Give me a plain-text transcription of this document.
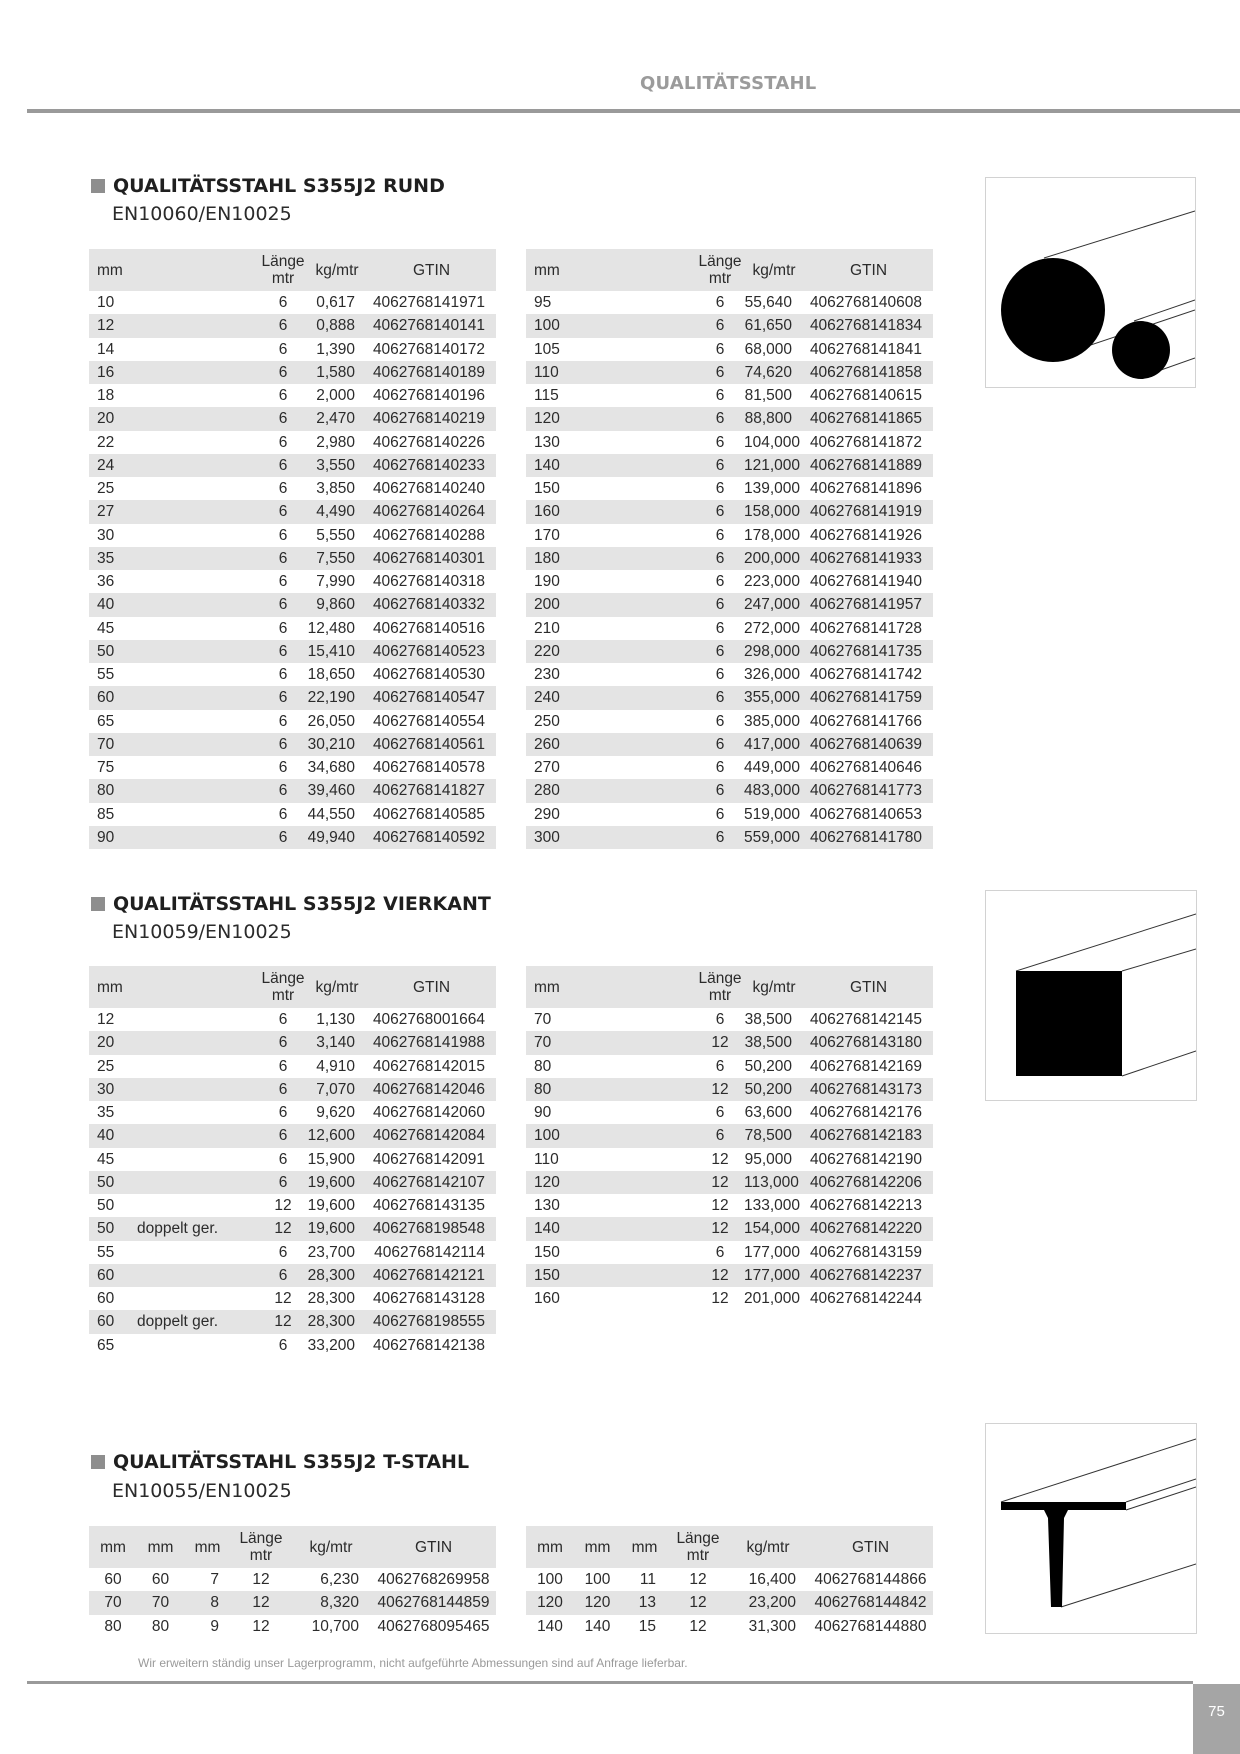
QUALITÄTSSTAHL
QUALITÄTSSTAHL S355J2 RUND
EN10060/EN10025
mm		Länge
mtr	kg/mtr	GTIN
10		6	0,617	4062768141971
12		6	0,888	4062768140141
14		6	1,390	4062768140172
16		6	1,580	4062768140189
18		6	2,000	4062768140196
20		6	2,470	4062768140219
22		6	2,980	4062768140226
24		6	3,550	4062768140233
25		6	3,850	4062768140240
27		6	4,490	4062768140264
30		6	5,550	4062768140288
35		6	7,550	4062768140301
36		6	7,990	4062768140318
40		6	9,860	4062768140332
45		6	12,480	4062768140516
50		6	15,410	4062768140523
55		6	18,650	4062768140530
60		6	22,190	4062768140547
65		6	26,050	4062768140554
70		6	30,210	4062768140561
75		6	34,680	4062768140578
80		6	39,460	4062768141827
85		6	44,550	4062768140585
90		6	49,940	4062768140592
mm		Länge
mtr	kg/mtr	GTIN
95		6	55,640	4062768140608
100		6	61,650	4062768141834
105		6	68,000	4062768141841
110		6	74,620	4062768141858
115		6	81,500	4062768140615
120		6	88,800	4062768141865
130		6	104,000	4062768141872
140		6	121,000	4062768141889
150		6	139,000	4062768141896
160		6	158,000	4062768141919
170		6	178,000	4062768141926
180		6	200,000	4062768141933
190		6	223,000	4062768141940
200		6	247,000	4062768141957
210		6	272,000	4062768141728
220		6	298,000	4062768141735
230		6	326,000	4062768141742
240		6	355,000	4062768141759
250		6	385,000	4062768141766
260		6	417,000	4062768140639
270		6	449,000	4062768140646
280		6	483,000	4062768141773
290		6	519,000	4062768140653
300		6	559,000	4062768141780
QUALITÄTSSTAHL S355J2 VIERKANT
EN10059/EN10025
mm		Länge
mtr	kg/mtr	GTIN
12		6	1,130	4062768001664
20		6	3,140	4062768141988
25		6	4,910	4062768142015
30		6	7,070	4062768142046
35		6	9,620	4062768142060
40		6	12,600	4062768142084
45		6	15,900	4062768142091
50		6	19,600	4062768142107
50		12	19,600	4062768143135
50	doppelt ger.	12	19,600	4062768198548
55		6	23,700	4062768142114
60		6	28,300	4062768142121
60		12	28,300	4062768143128
60	doppelt ger.	12	28,300	4062768198555
65		6	33,200	4062768142138
mm		Länge
mtr	kg/mtr	GTIN
70		6	38,500	4062768142145
70		12	38,500	4062768143180
80		6	50,200	4062768142169
80		12	50,200	4062768143173
90		6	63,600	4062768142176
100		6	78,500	4062768142183
110		12	95,000	4062768142190
120		12	113,000	4062768142206
130		12	133,000	4062768142213
140		12	154,000	4062768142220
150		6	177,000	4062768143159
150		12	177,000	4062768142237
160		12	201,000	4062768142244
QUALITÄTSSTAHL S355J2 T-STAHL
EN10055/EN10025
mm	mm	mm	Länge
mtr	kg/mtr	GTIN
60	60	7	12	6,230	4062768269958
70	70	8	12	8,320	4062768144859
80	80	9	12	10,700	4062768095465
mm	mm	mm	Länge
mtr	kg/mtr	GTIN
100	100	11	12	16,400	4062768144866
120	120	13	12	23,200	4062768144842
140	140	15	12	31,300	4062768144880
Wir erweitern ständig unser Lagerprogramm, nicht aufgeführte Abmessungen sind auf Anfrage lieferbar.
75
